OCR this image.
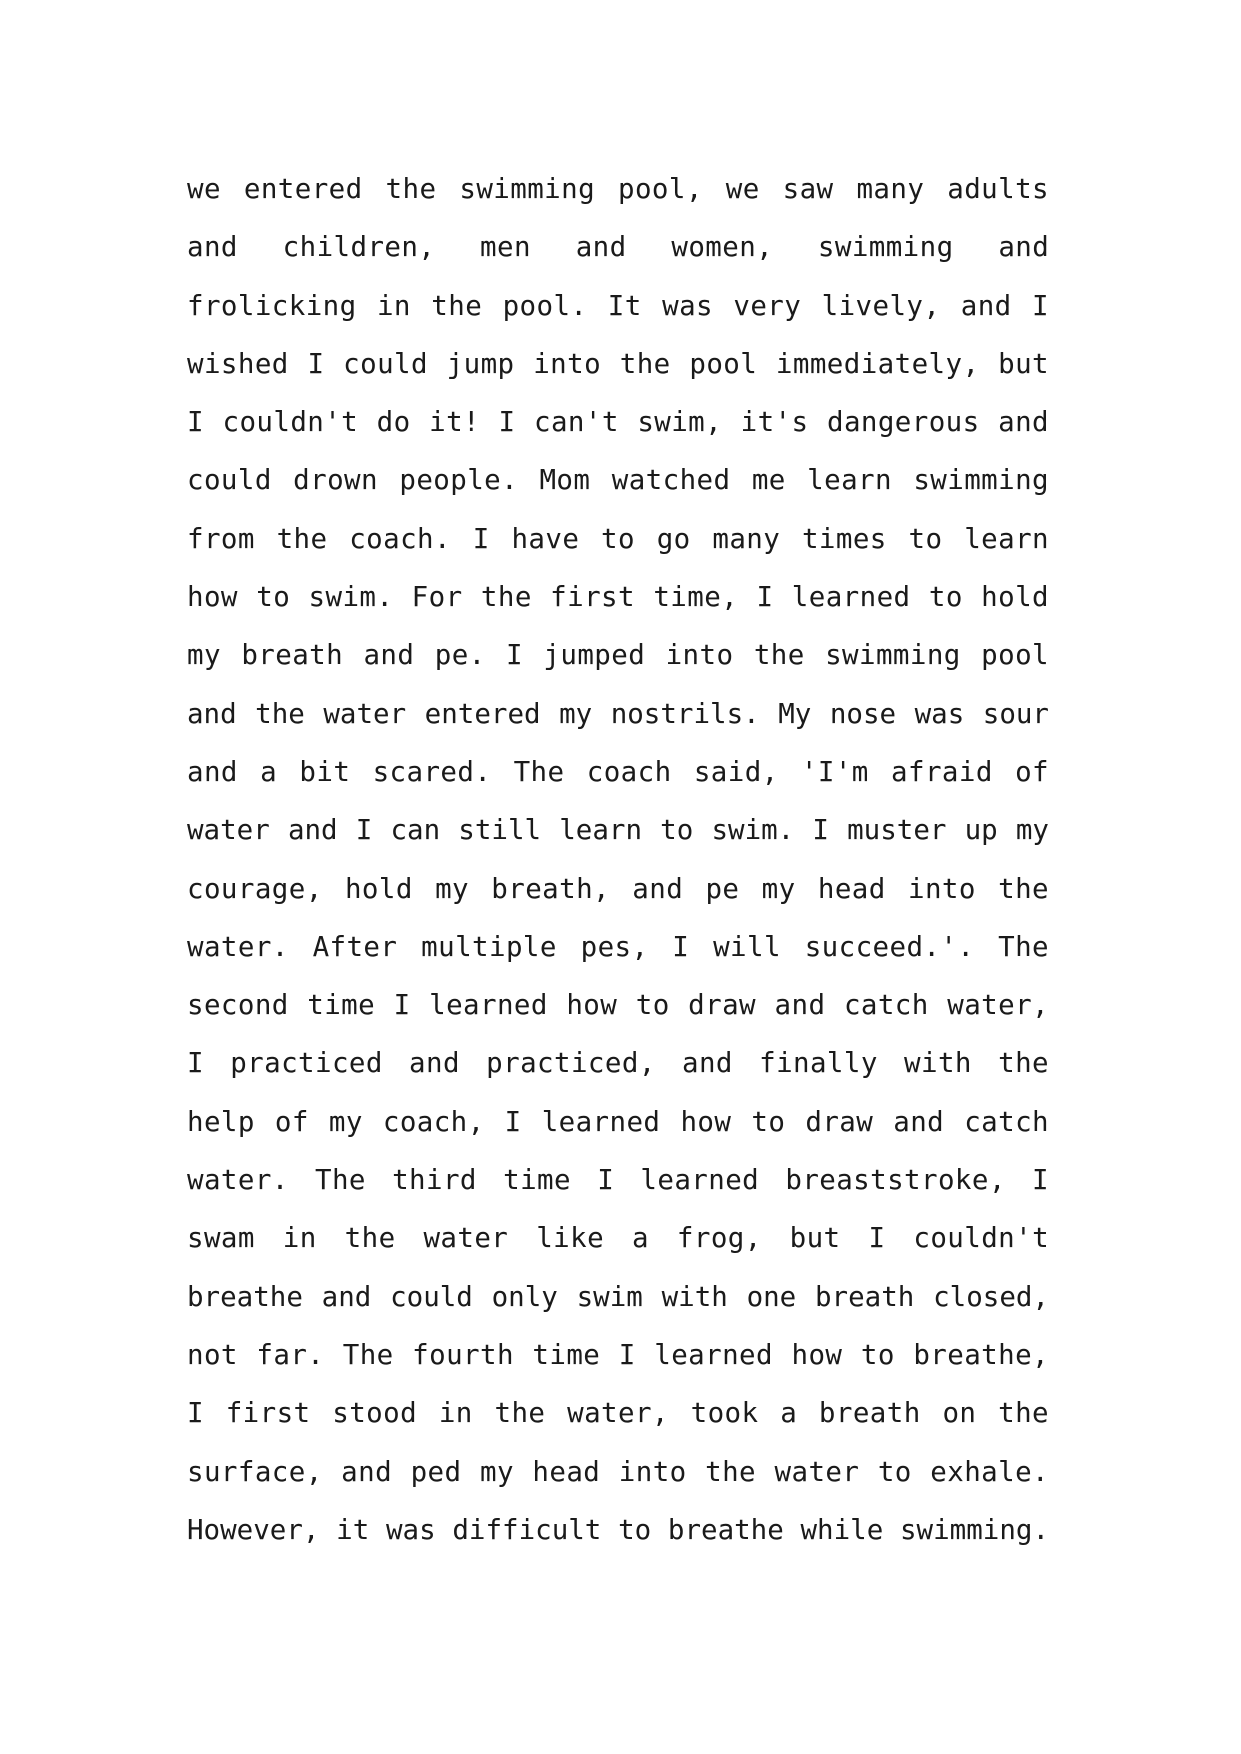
we entered the swimming pool, we saw many adults
and children, men and women, swimming and
frolicking in the pool. It was very lively, and I
wished I could jump into the pool immediately, but
I couldn't do it! I can't swim, it's dangerous and
could drown people. Mom watched me learn swimming
from the coach. I have to go many times to learn
how to swim. For the first time, I learned to hold
my breath and pe. I jumped into the swimming pool
and the water entered my nostrils. My nose was sour
and a bit scared. The coach said, 'I'm afraid of
water and I can still learn to swim. I muster up my
courage, hold my breath, and pe my head into the
water. After multiple pes, I will succeed.'. The
second time I learned how to draw and catch water,
I practiced and practiced, and finally with the
help of my coach, I learned how to draw and catch
water. The third time I learned breaststroke, I
swam in the water like a frog, but I couldn't
breathe and could only swim with one breath closed,
not far. The fourth time I learned how to breathe,
I first stood in the water, took a breath on the
surface, and ped my head into the water to exhale.
However, it was difficult to breathe while swimming.
